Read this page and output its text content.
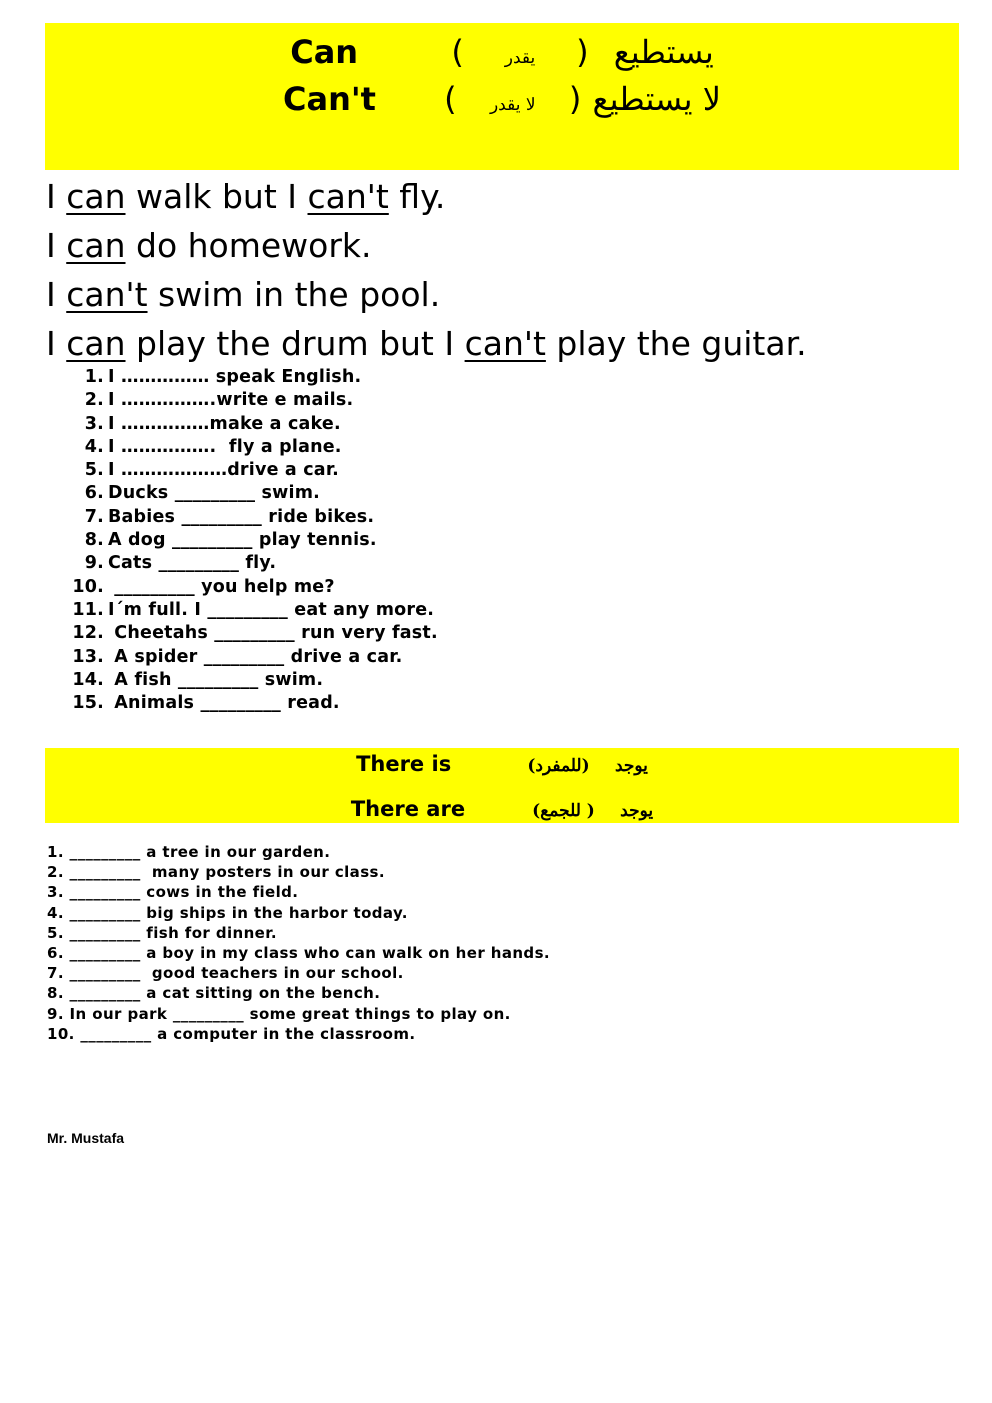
Can	( يقدر ) يستطيع
Can't ( لا يقدر ) لا يستطيع
I can walk but I can't fly.
I can do homework.
I can't swim in the pool.
I can play the drum but I can't play the guitar.
1. I …………… speak English.
2. I …………….write e mails.
3. I ……………make a cake.
4. I …………….  fly a plane.
5. I ………………drive a car.
6. Ducks _________ swim.
7. Babies _________ ride bikes.
8. A dog _________ play tennis.
9. Cats _________ fly.
10. _________ you help me?
11. I´m full. I _________ eat any more.
12. Cheetahs _________ run very fast.
13. A spider _________ drive a car.
14. A fish _________ swim.
15. Animals _________ read.
There is	(للمفرد) يوجد
There are	(للجمع ) يوجد
1. _________ a tree in our garden.
2. _________  many posters in our class.
3. _________ cows in the field.
4. _________ big ships in the harbor today.
5. _________ fish for dinner.
6. _________ a boy in my class who can walk on her hands.
7. _________  good teachers in our school.
8. _________ a cat sitting on the bench.
9. In our park _________ some great things to play on.
10. _________ a computer in the classroom.
Mr. Mustafa
